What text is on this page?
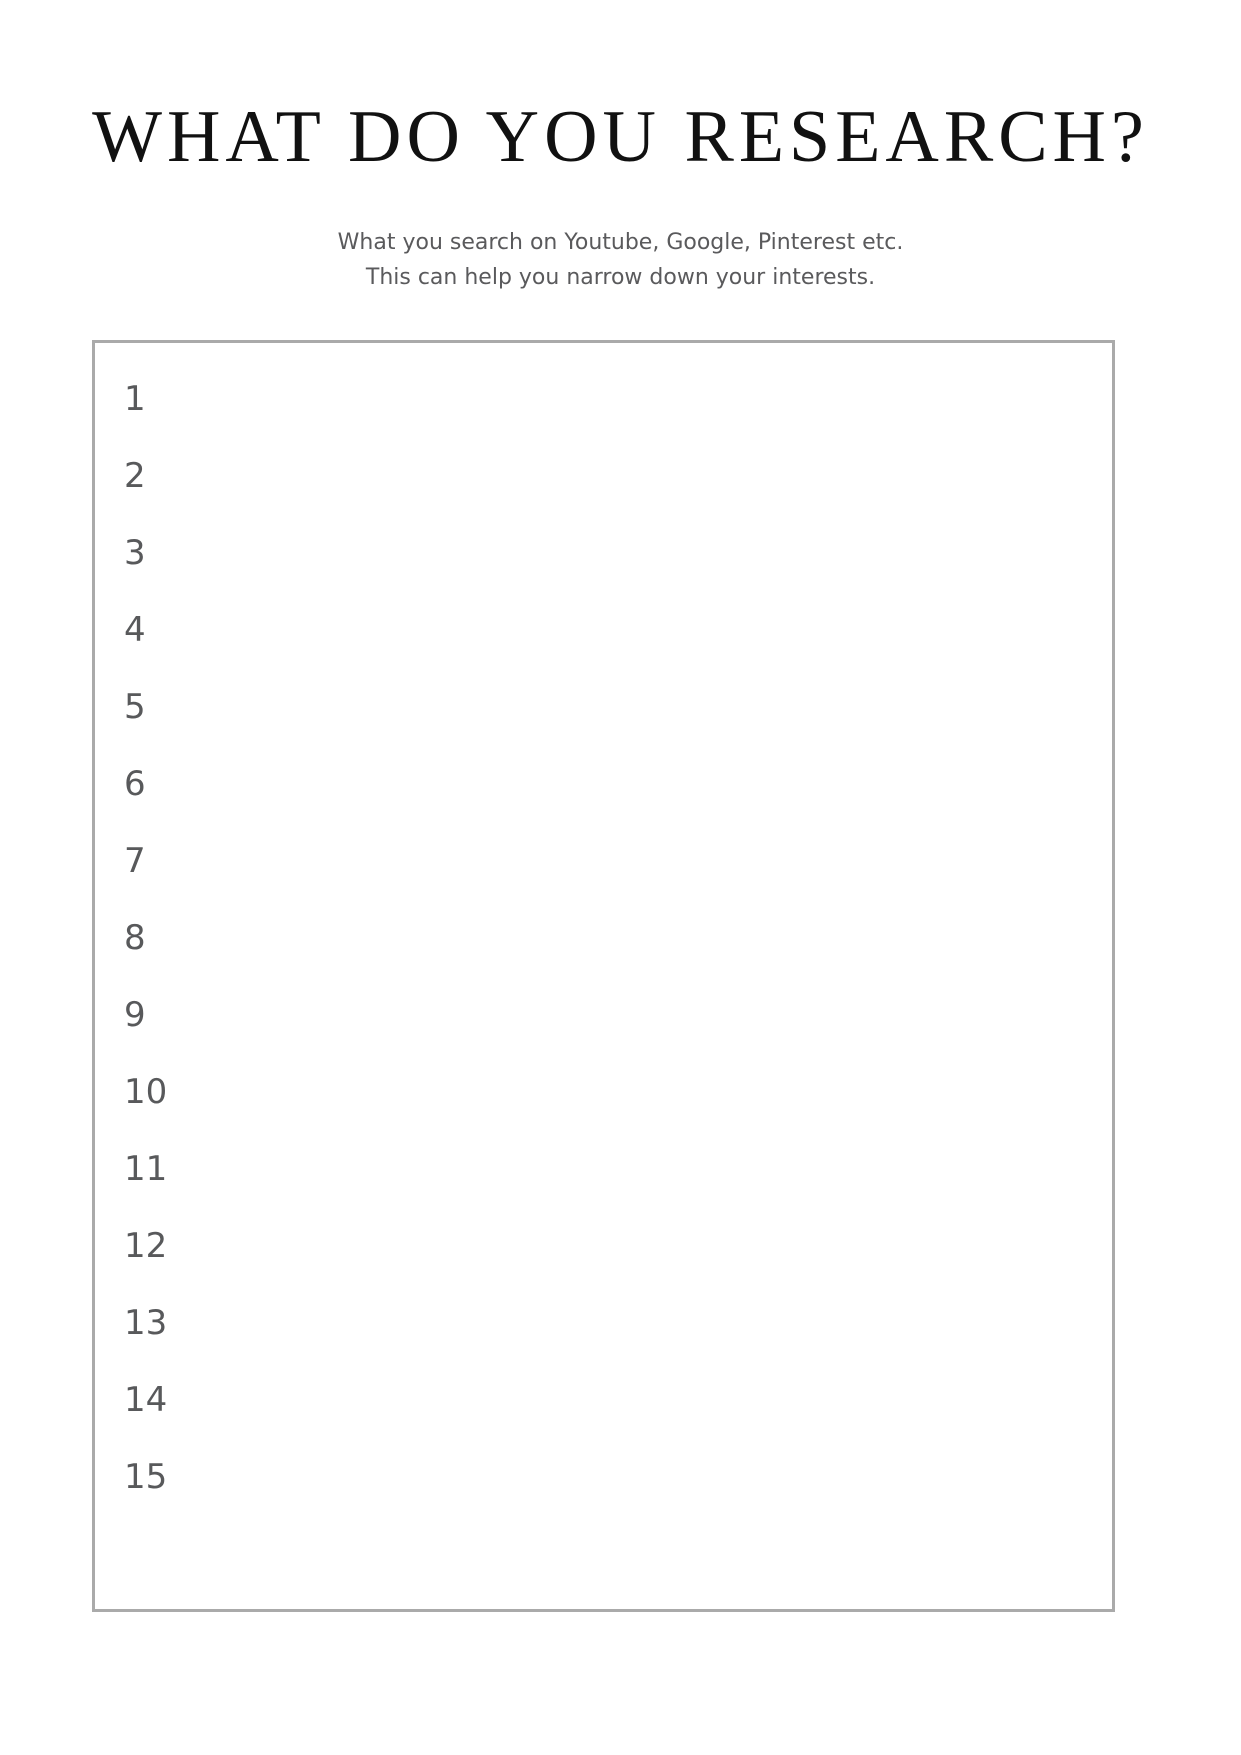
WHAT DO YOU RESEARCH?
What you search on Youtube, Google, Pinterest etc.
This can help you narrow down your interests.
1
2
3
4
5
6
7
8
9
10
11
12
13
14
15
